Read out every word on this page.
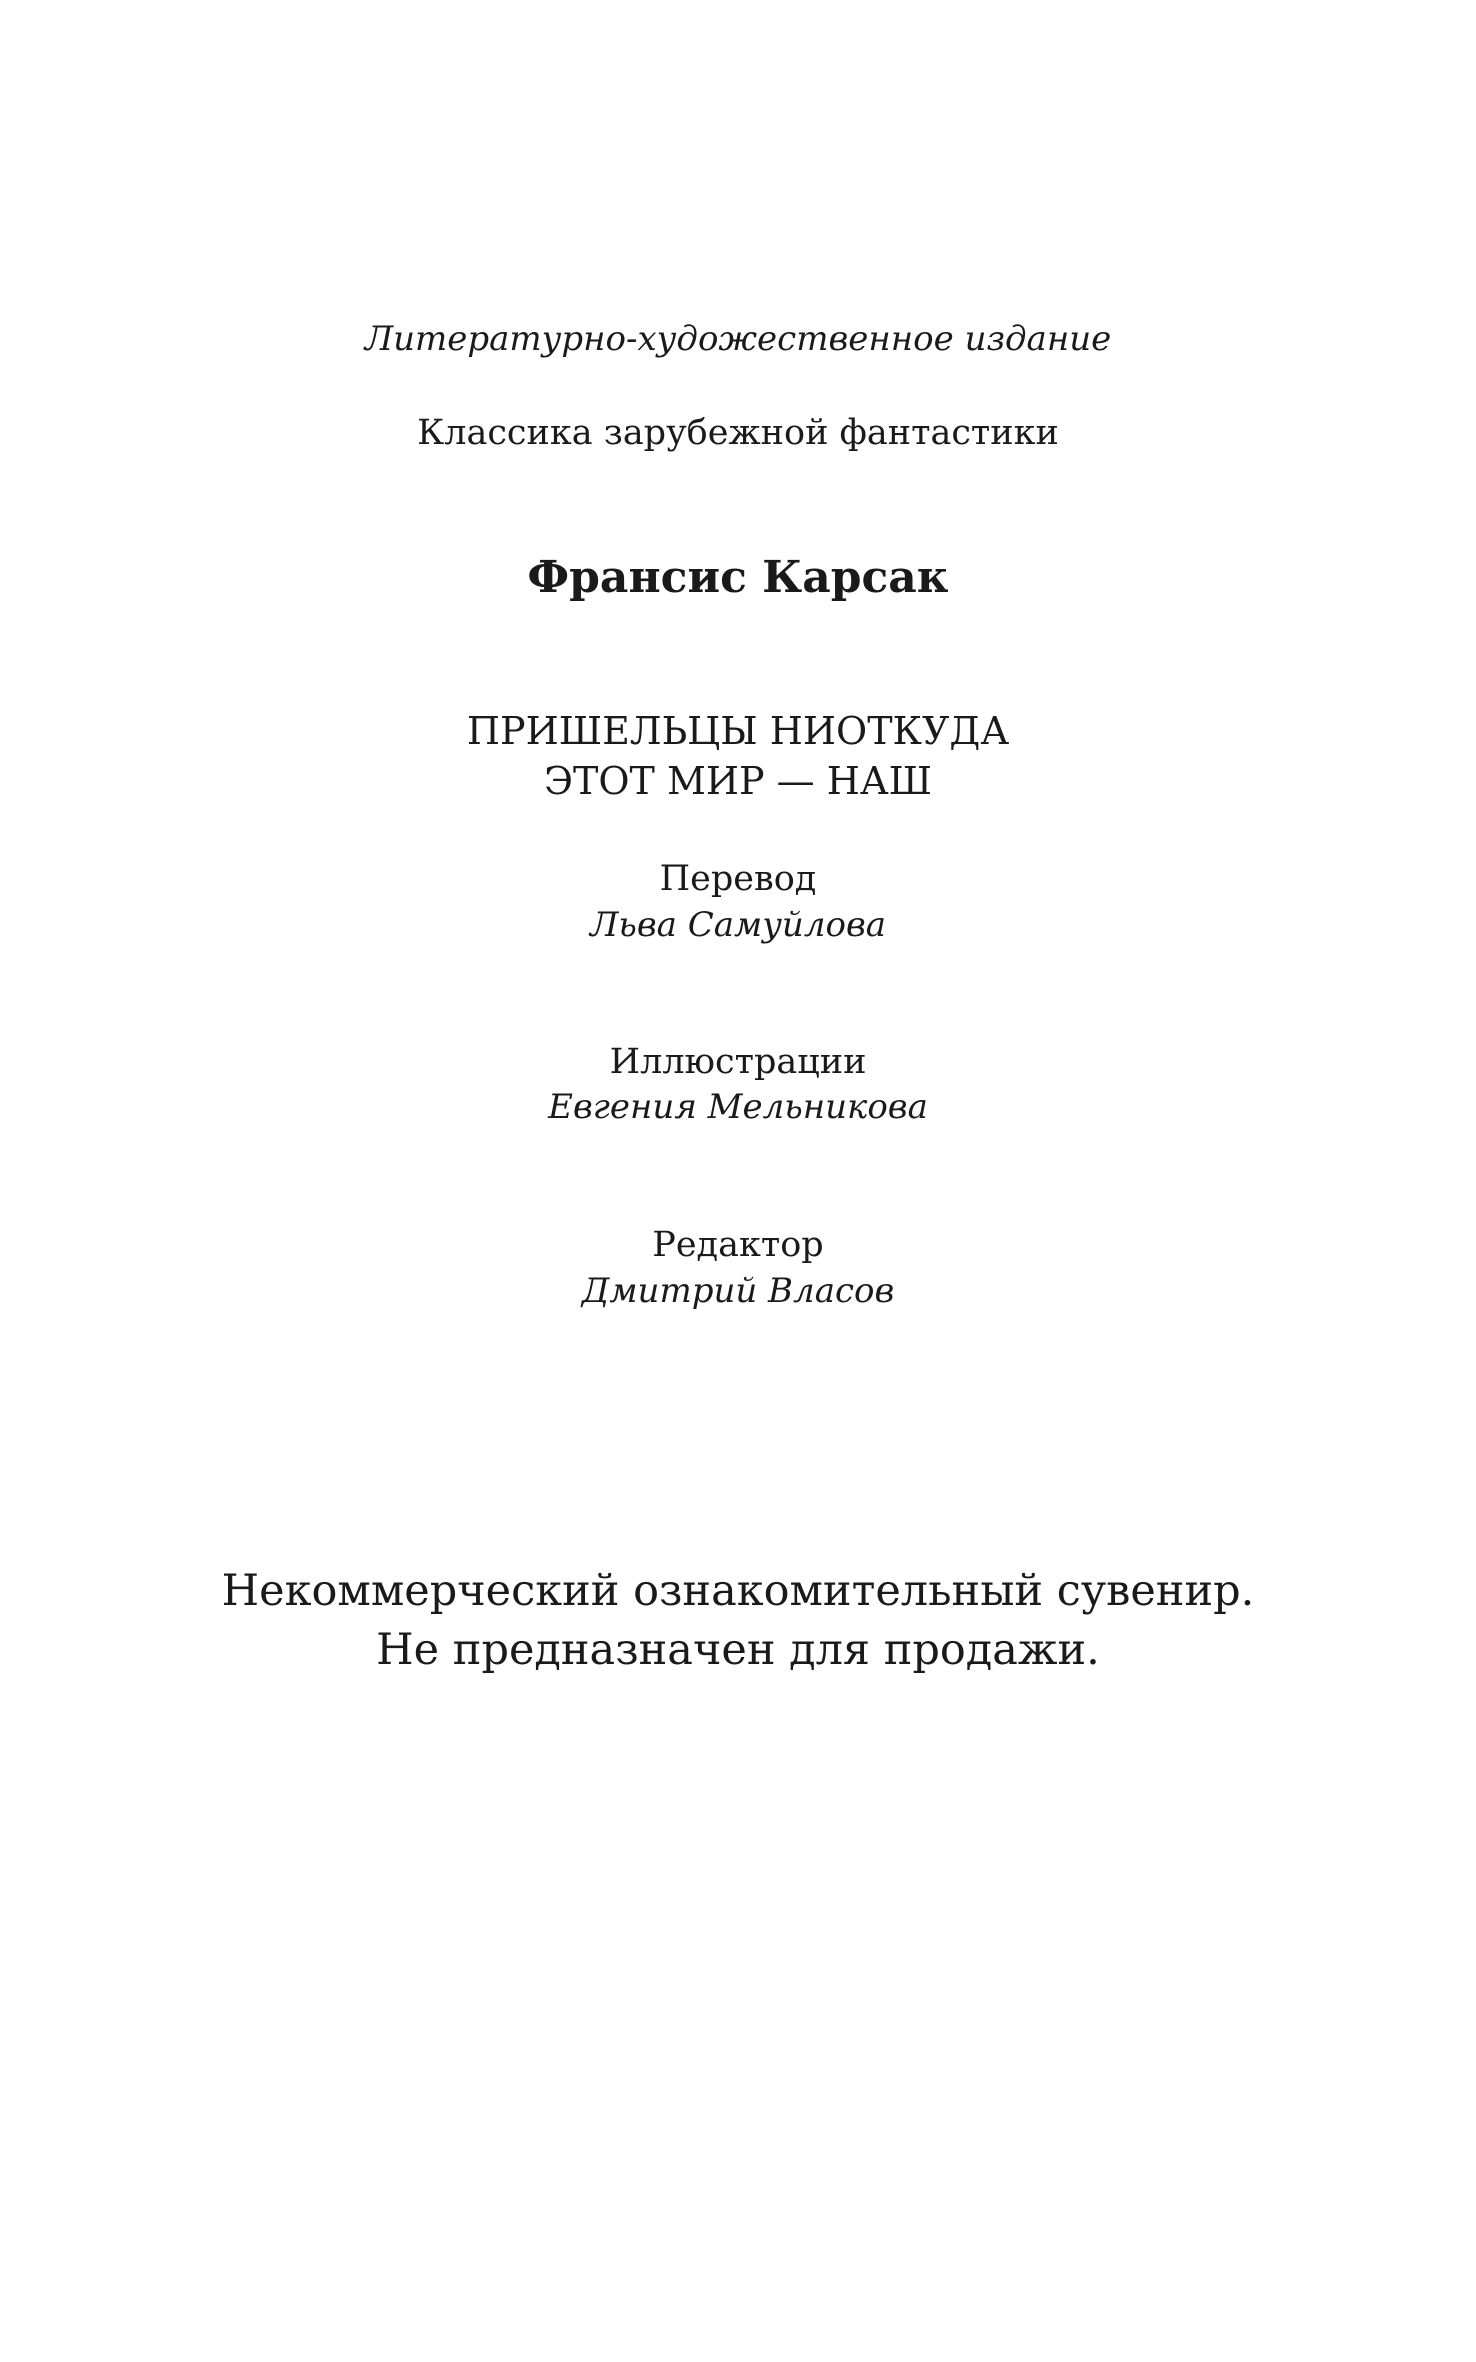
Литературно-художественное издание

Классика зарубежной фантастики

Франсис Карсак

ПРИШЕЛЬЦЫ НИОТКУДА

ЭТОТ МИР — НАШ

Перевод

Льва Самуйлова

Иллюстрации

Евгения Мельникова

Редактор

Дмитрий Власов

Некоммерческий ознакомительный сувенир.

Не предназначен для продажи.
